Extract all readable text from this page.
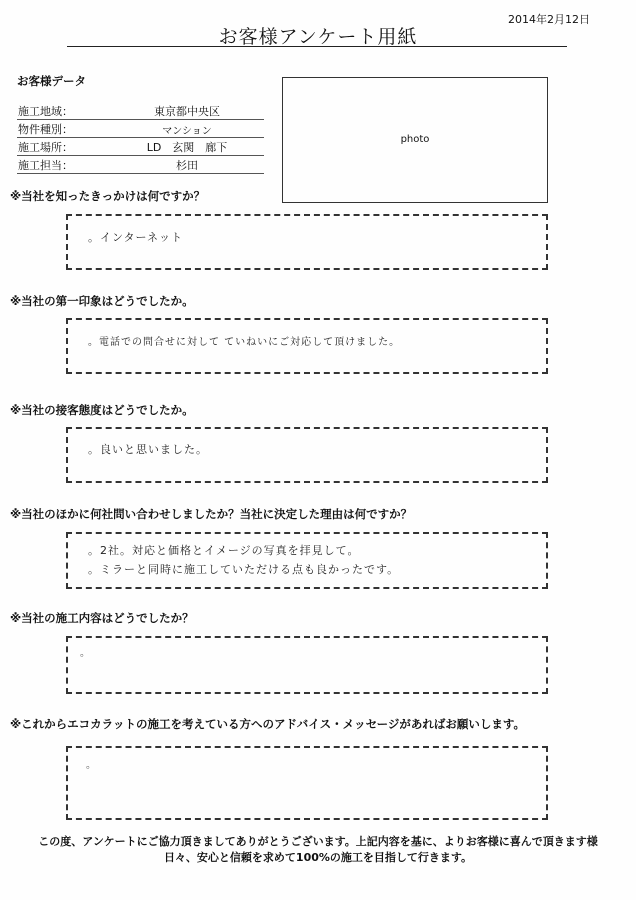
2014年2月12日
お客様アンケート用紙
お客様データ
施工地域：	東京都中央区
物件種別：	マンション
施工場所：	LD　玄関　廊下
施工担当：	杉田
photo
※当社を知ったきっかけは何ですか？
。インターネット
※当社の第一印象はどうでしたか。
。電話での問合せに対して ていねいにご対応して頂けました。
※当社の接客態度はどうでしたか。
。良いと思いました。
※当社のほかに何社問い合わせしましたか？当社に決定した理由は何ですか？
。2社。対応と価格とイメージの写真を拝見して。
。ミラーと同時に施工していただける点も良かったです。
※当社の施工内容はどうでしたか？
。
※これからエコカラットの施工を考えている方へのアドバイス・メッセージがあればお願いします。
。
この度、アンケートにご協力頂きましてありがとうございます。上記内容を基に、よりお客様に喜んで頂きます様
日々、安心と信頼を求めて100%の施工を目指して行きます。
